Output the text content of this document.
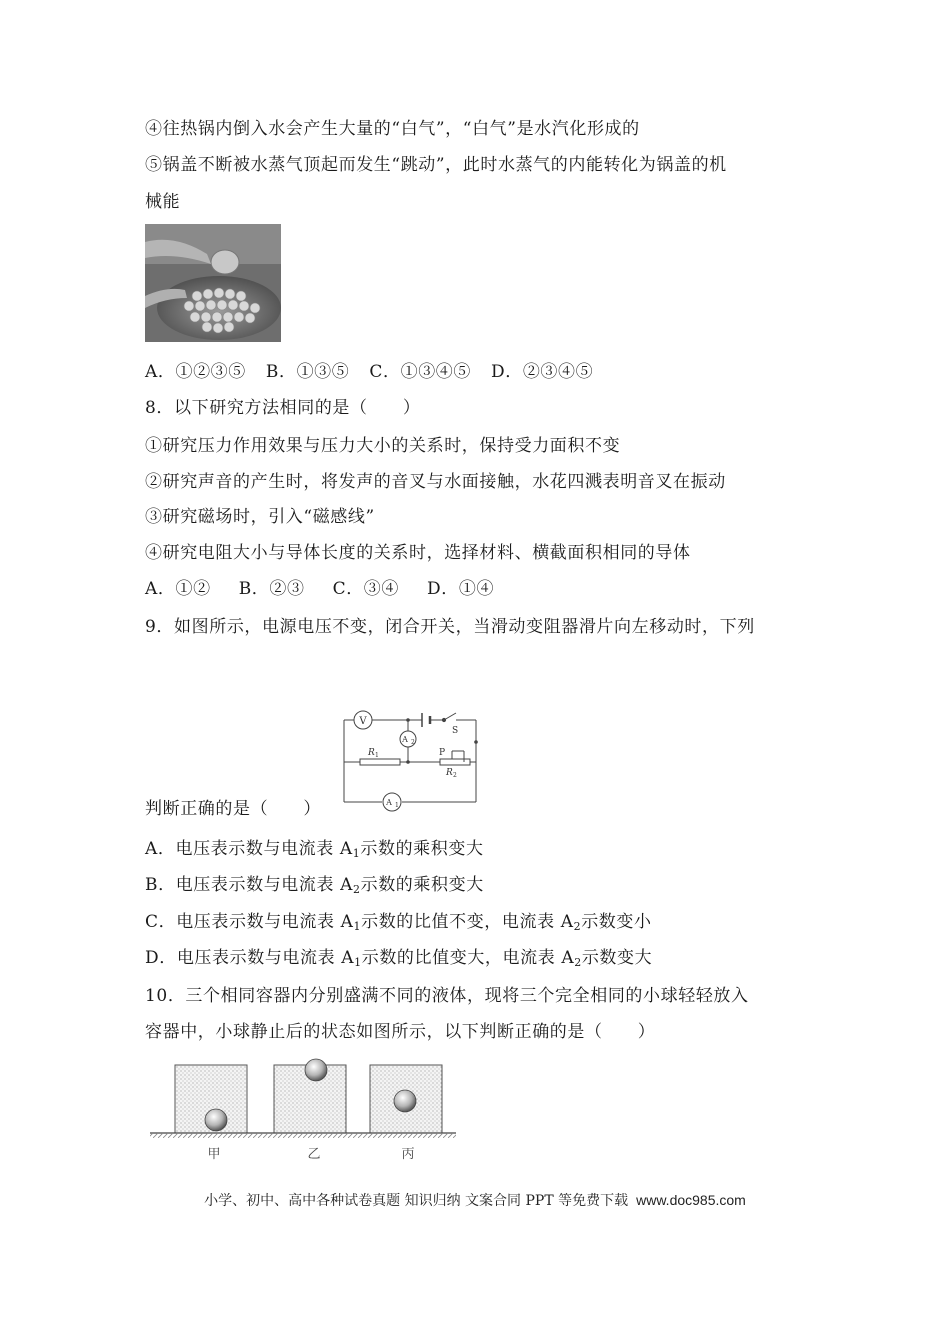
④往热锅内倒入水会产生大量的“白气”，“白气”是水汽化形成的
⑤锅盖不断被水蒸气顶起而发生“跳动”，此时水蒸气的内能转化为锅盖的机
械能
A．①②③⑤ B．①③⑤ C．①③④⑤ D．②③④⑤
8．以下研究方法相同的是（　　）
①研究压力作用效果与压力大小的关系时，保持受力面积不变
②研究声音的产生时，将发声的音叉与水面接触，水花四溅表明音叉在振动
③研究磁场时，引入“磁感线”
④研究电阻大小与导体长度的关系时，选择材料、横截面积相同的导体
A．①② B．②③ C．③④ D．①④
9．如图所示，电源电压不变，闭合开关，当滑动变阻器滑片向左移动时，下列
V
A 2
A 1
S
R 1	P
R 2
判断正确的是（　　）
A．电压表示数与电流表 $A_1$示数的乘积变大
B．电压表示数与电流表 $A_2$示数的乘积变大
C．电压表示数与电流表 $A_1$示数的比值不变，电流表 $A_2$示数变小
D．电压表示数与电流表 $A_1$示数的比值变大，电流表 $A_2$示数变大
10．三个相同容器内分别盛满不同的液体，现将三个完全相同的小球轻轻放入
容器中，小球静止后的状态如图所示，以下判断正确的是（　　）
甲	乙	丙
小学、初中、高中各种试卷真题 知识归纳 文案合同 PPT 等免费下载 www.doc985.com
